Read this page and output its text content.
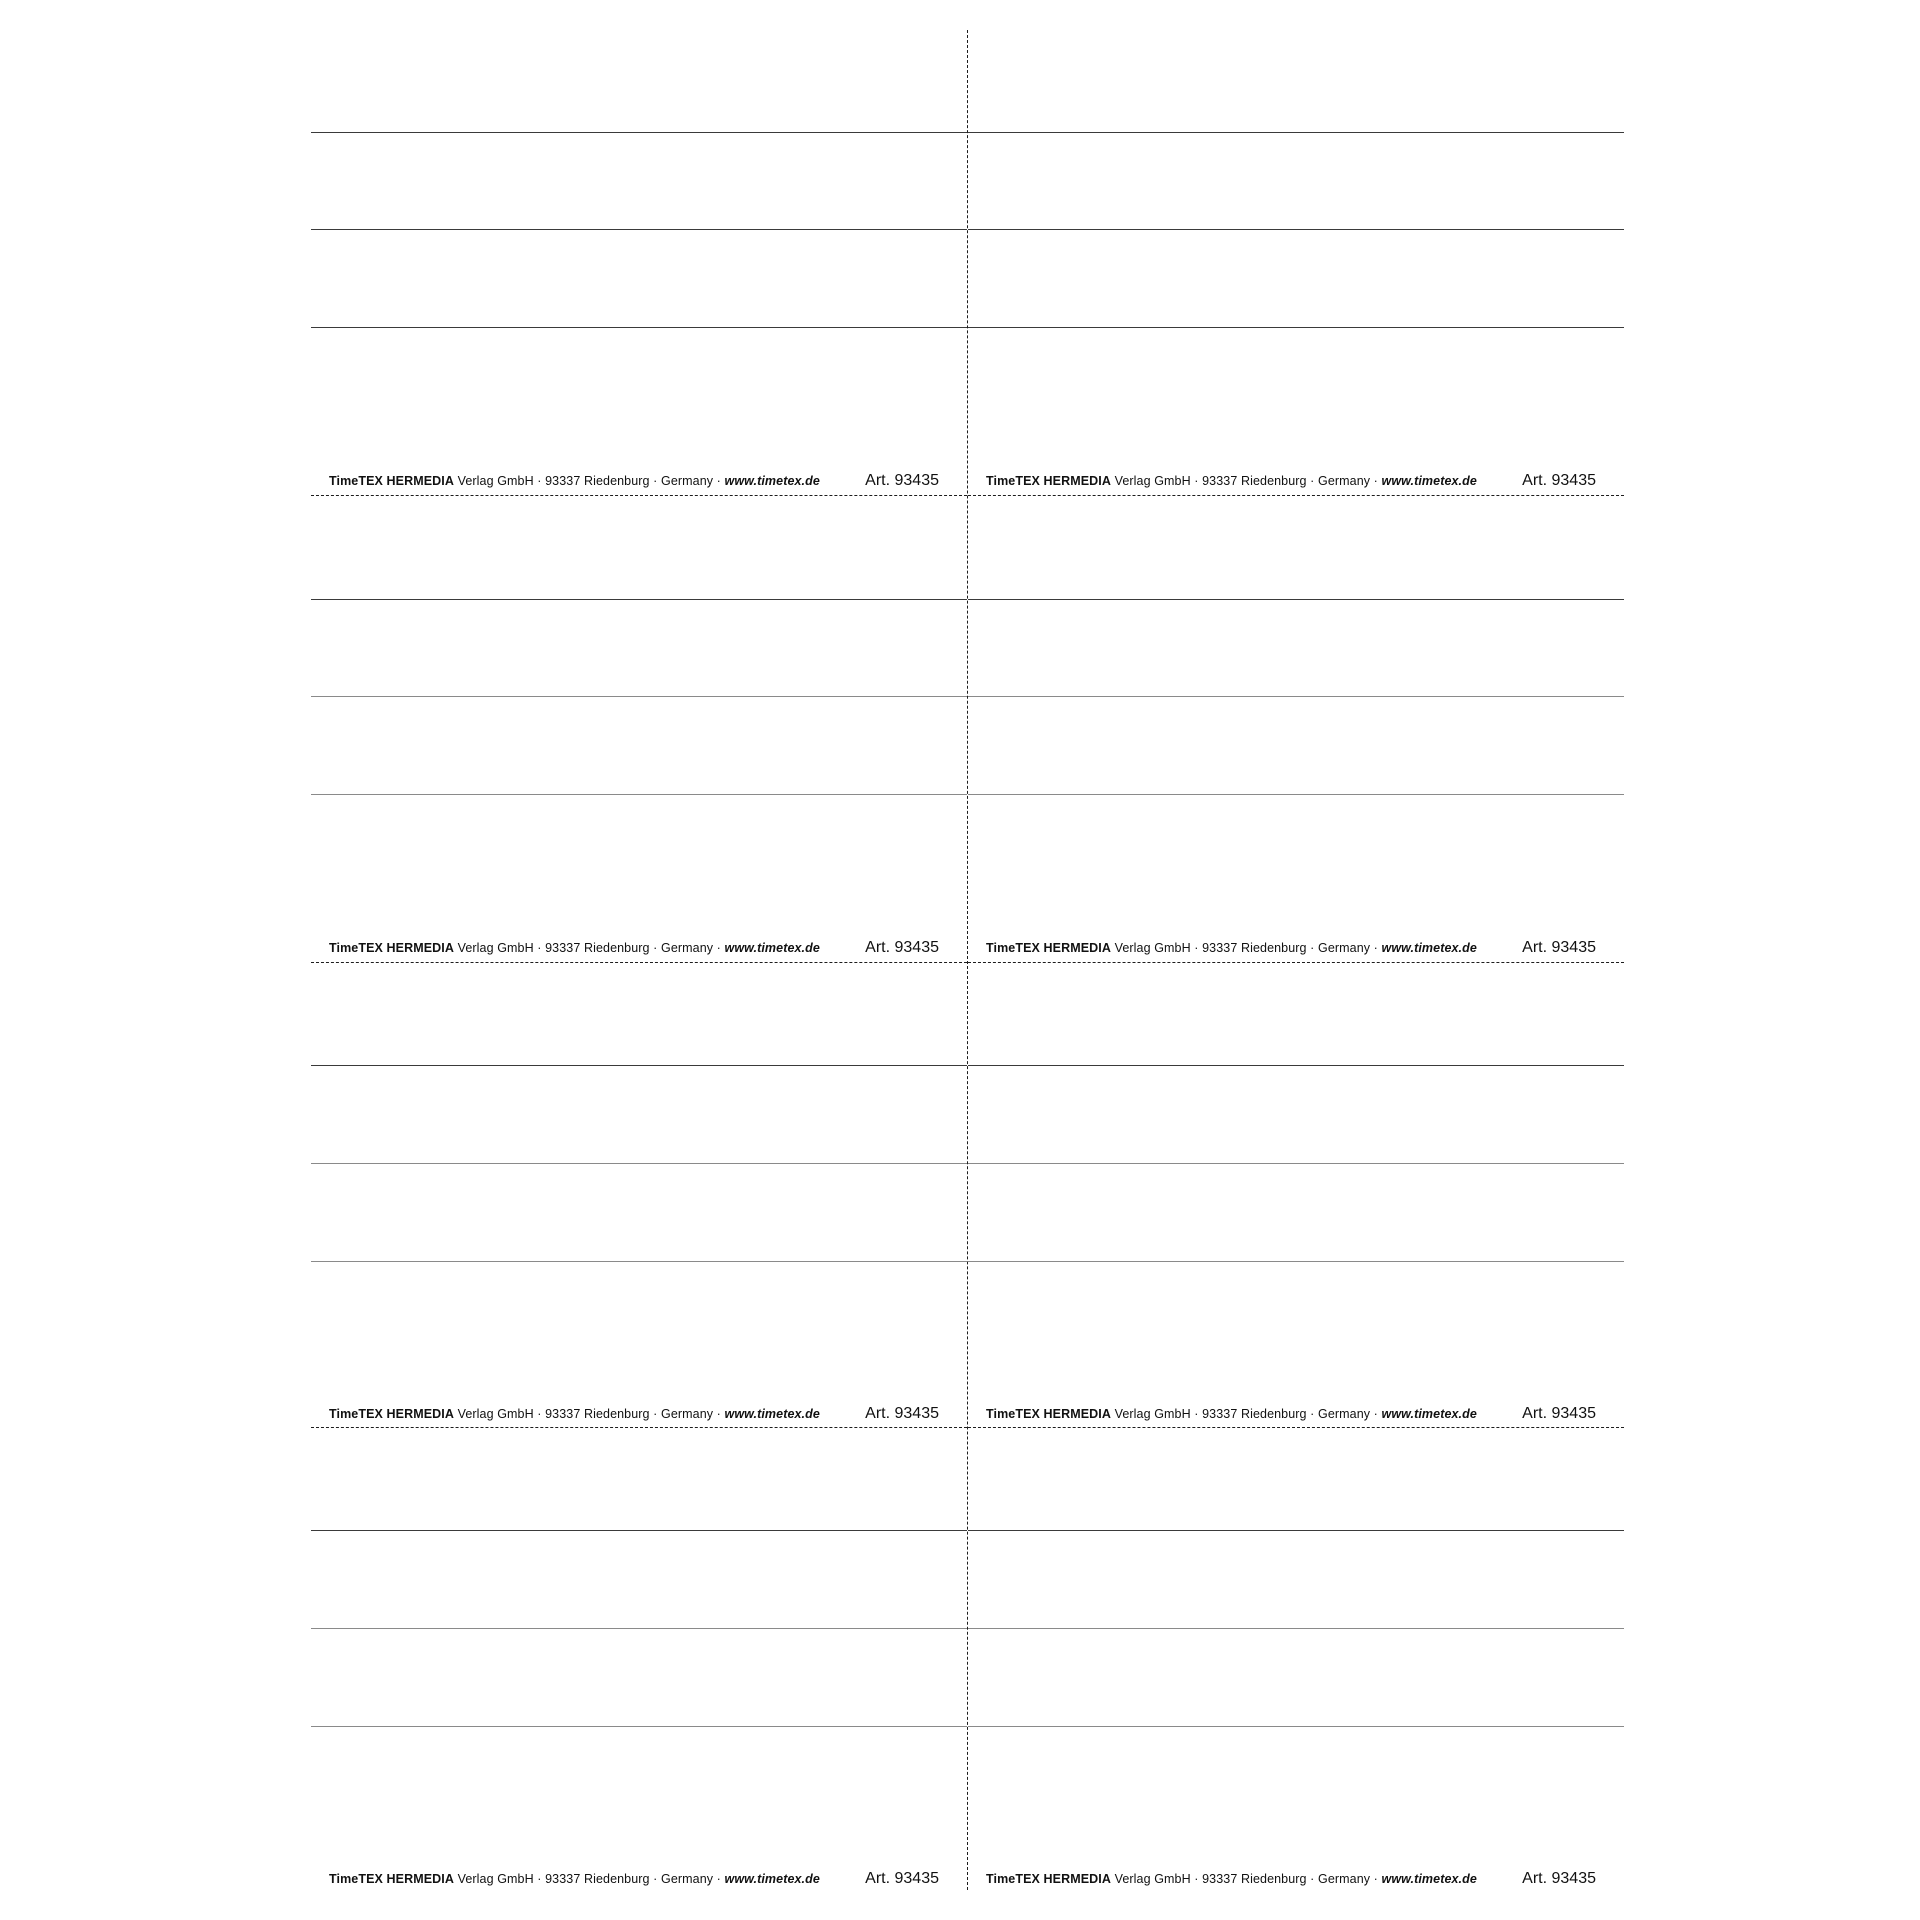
TimeTEX HERMEDIA Verlag GmbH · 93337 Riedenburg · Germany · www.timetex.de	Art. 93435
TimeTEX HERMEDIA Verlag GmbH · 93337 Riedenburg · Germany · www.timetex.de	Art. 93435
TimeTEX HERMEDIA Verlag GmbH · 93337 Riedenburg · Germany · www.timetex.de	Art. 93435
TimeTEX HERMEDIA Verlag GmbH · 93337 Riedenburg · Germany · www.timetex.de	Art. 93435
TimeTEX HERMEDIA Verlag GmbH · 93337 Riedenburg · Germany · www.timetex.de	Art. 93435
TimeTEX HERMEDIA Verlag GmbH · 93337 Riedenburg · Germany · www.timetex.de	Art. 93435
TimeTEX HERMEDIA Verlag GmbH · 93337 Riedenburg · Germany · www.timetex.de	Art. 93435
TimeTEX HERMEDIA Verlag GmbH · 93337 Riedenburg · Germany · www.timetex.de	Art. 93435
